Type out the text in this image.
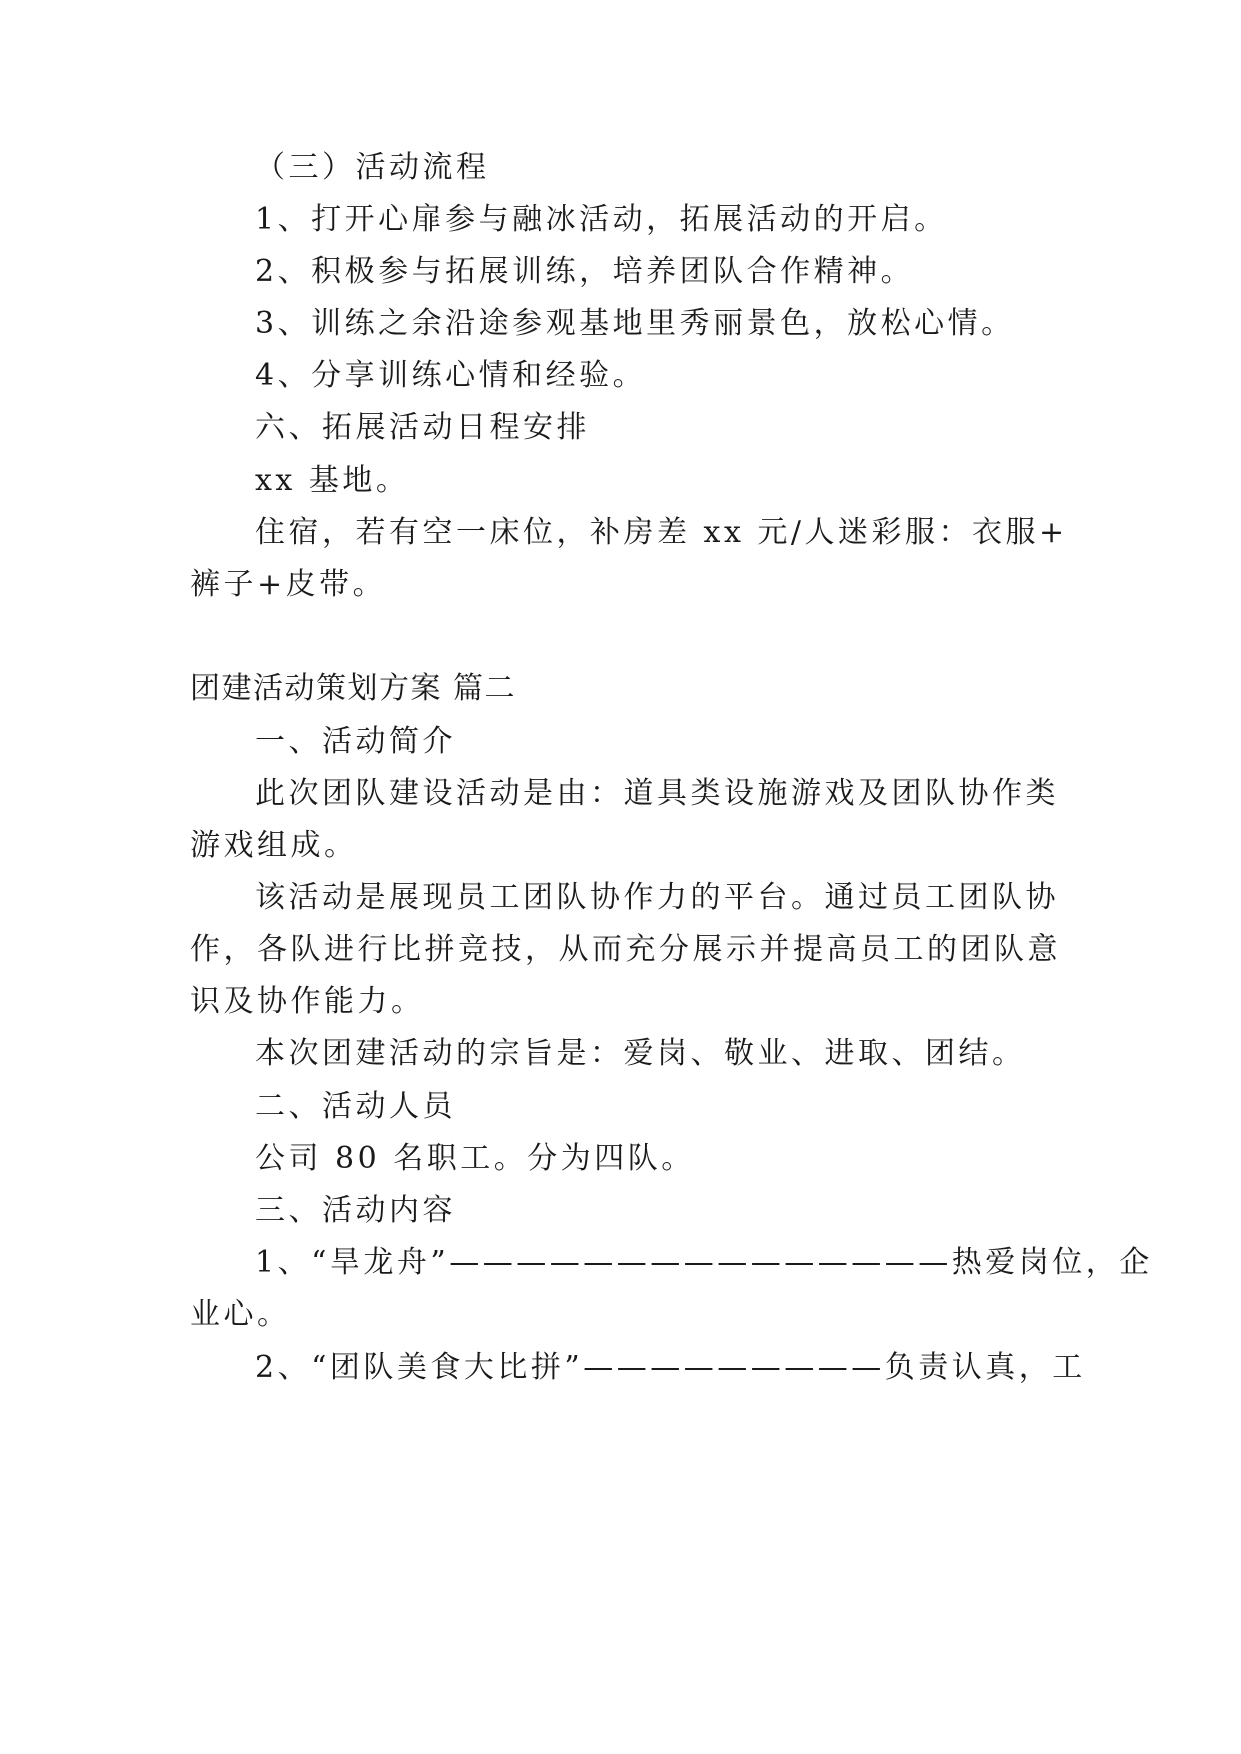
（三）活动流程
1、打开心扉参与融冰活动，拓展活动的开启。
2、积极参与拓展训练，培养团队合作精神。
3、训练之余沿途参观基地里秀丽景色，放松心情。
4、分享训练心情和经验。
六、拓展活动日程安排
xx 基地。
住宿，若有空一床位，补房差 xx 元/人迷彩服：衣服+
裤子+皮带。
团建活动策划方案 篇二
一、活动简介
此次团队建设活动是由：道具类设施游戏及团队协作类
游戏组成。
该活动是展现员工团队协作力的平台。通过员工团队协
作，各队进行比拼竞技，从而充分展示并提高员工的团队意
识及协作能力。
本次团建活动的宗旨是：爱岗、敬业、进取、团结。
二、活动人员
公司 80 名职工。分为四队。
三、活动内容
1、“旱龙舟”———————————————热爱岗位，企
业心。
2、“团队美食大比拼”—————————负责认真，工
